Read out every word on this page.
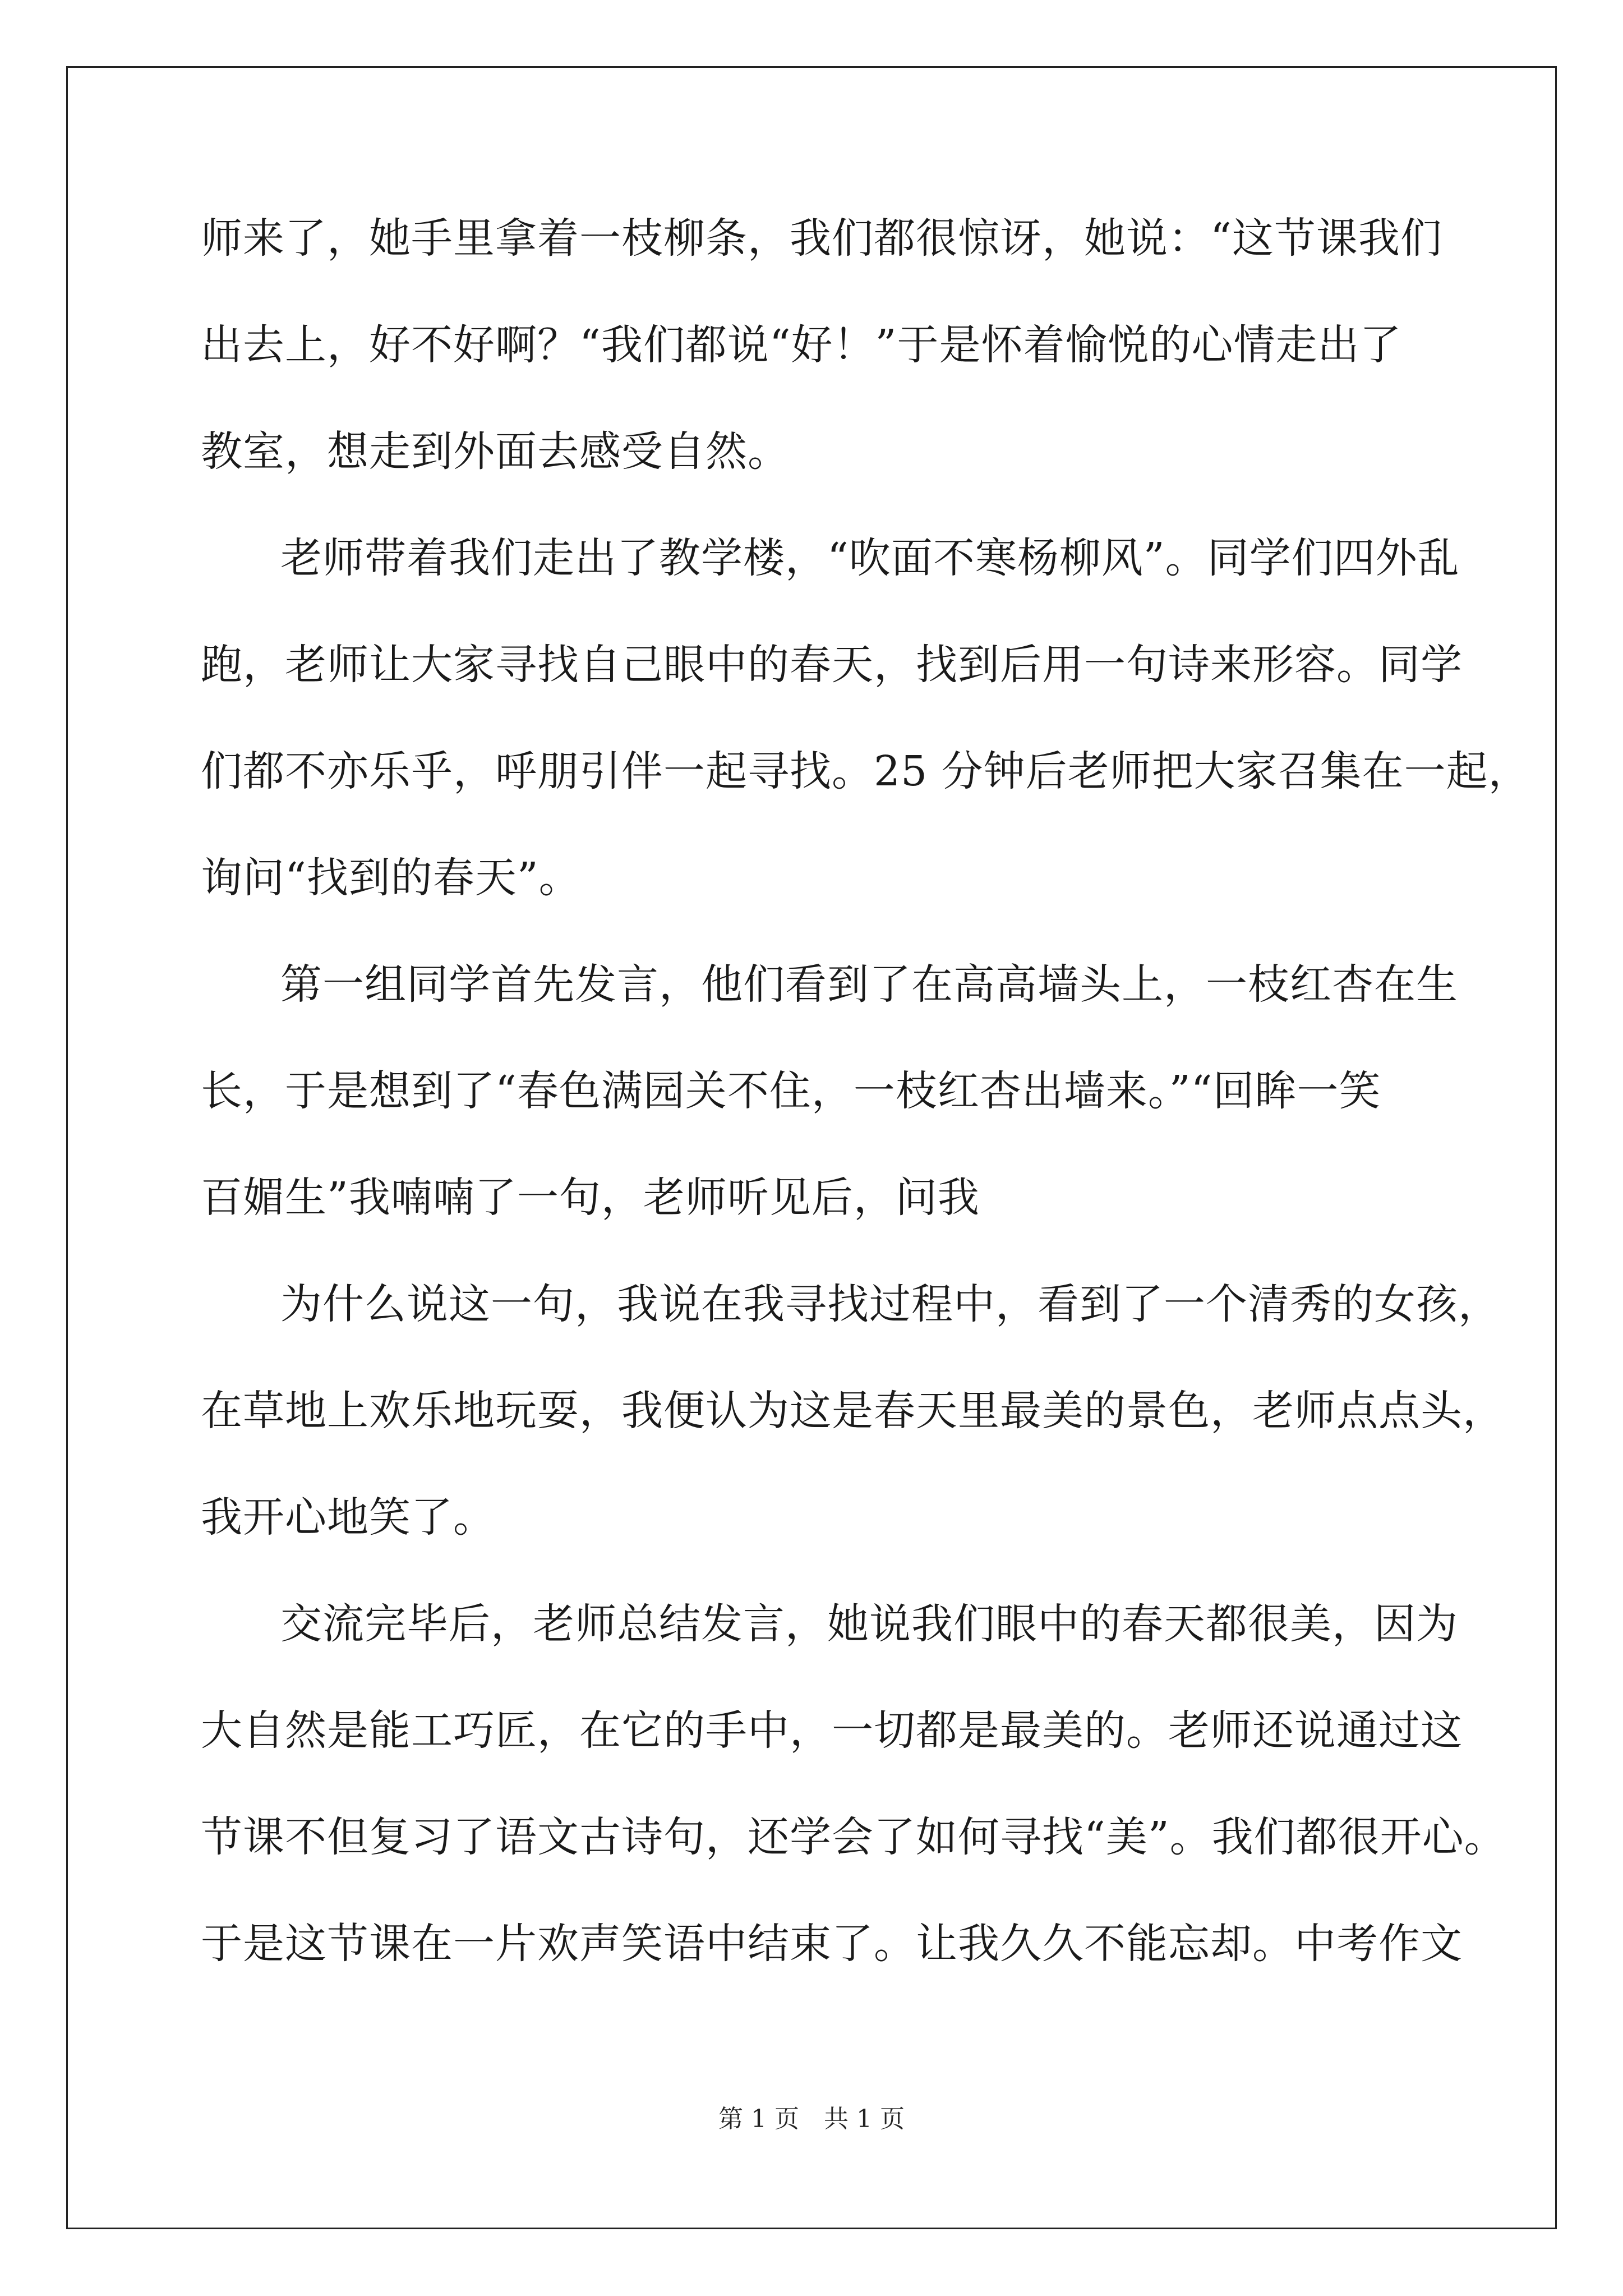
师来了，她手里拿着一枝柳条，我们都很惊讶，她说：“这节课我们
出去上，好不好啊？“我们都说“好！”于是怀着愉悦的心情走出了
教室，想走到外面去感受自然。
老师带着我们走出了教学楼，“吹面不寒杨柳风”。同学们四外乱
跑，老师让大家寻找自己眼中的春天，找到后用一句诗来形容。同学
们都不亦乐乎，呼朋引伴一起寻找。25 分钟后老师把大家召集在一起，
询问“找到的春天”。
第一组同学首先发言，他们看到了在高高墙头上，一枝红杏在生
长，于是想到了“春色满园关不住，一枝红杏出墙来。”“回眸一笑
百媚生”我喃喃了一句，老师听见后，问我
为什么说这一句，我说在我寻找过程中，看到了一个清秀的女孩，
在草地上欢乐地玩耍，我便认为这是春天里最美的景色，老师点点头，
我开心地笑了。
交流完毕后，老师总结发言，她说我们眼中的春天都很美，因为
大自然是能工巧匠，在它的手中，一切都是最美的。老师还说通过这
节课不但复习了语文古诗句，还学会了如何寻找“美”。我们都很开心。
于是这节课在一片欢声笑语中结束了。让我久久不能忘却。中考作文
第 1 页　共 1 页
